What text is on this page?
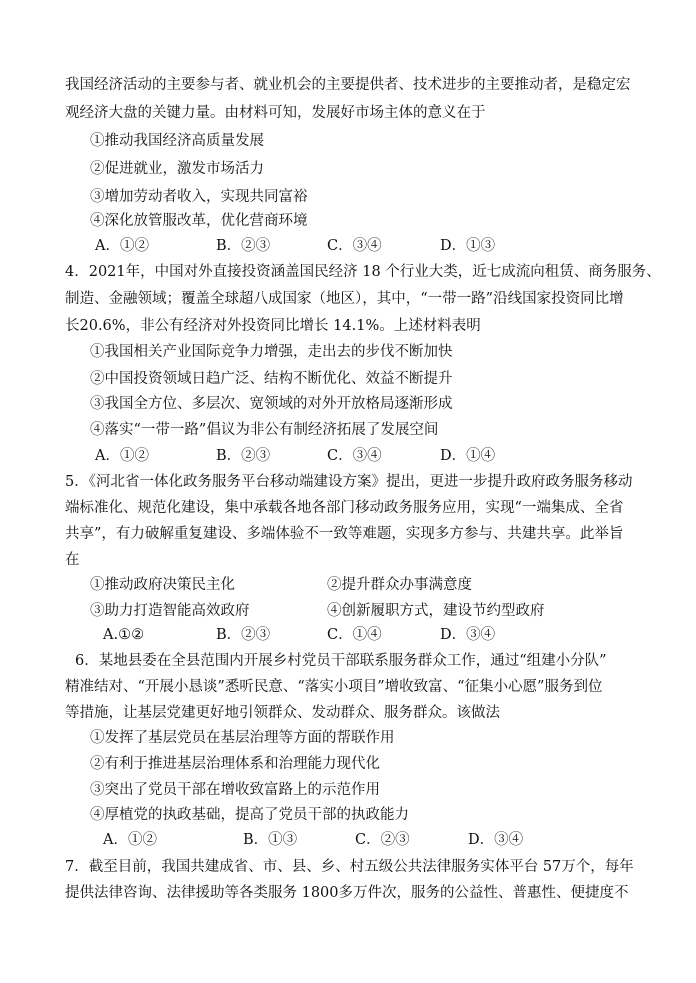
我国经济活动的主要参与者、就业机会的主要提供者、技术进步的主要推动者，是稳定宏
观经济大盘的关键力量。由材料可知，发展好市场主体的意义在于
①推动我国经济高质量发展
②促进就业，激发市场活力
③增加劳动者收入，实现共同富裕
④深化放管服改革，优化营商环境
A．①②	B．②③	C．③④	D．①③
4．2021年，中国对外直接投资涵盖国民经济 18 个行业大类，近七成流向租赁、商务服务、
制造、金融领域；覆盖全球超八成国家（地区），其中，“一带一路”沿线国家投资同比增
长20.6%，非公有经济对外投资同比增长 14.1%。上述材料表明
①我国相关产业国际竞争力增强，走出去的步伐不断加快
②中国投资领域日趋广泛、结构不断优化、效益不断提升
③我国全方位、多层次、宽领域的对外开放格局逐渐形成
④落实“一带一路”倡议为非公有制经济拓展了发展空间
A．①②	B．②③	C．③④	D．①④
5．《河北省一体化政务服务平台移动端建设方案》提出，更进一步提升政府政务服务移动
端标准化、规范化建设，集中承载各地各部门移动政务服务应用，实现“一端集成、全省
共享”，有力破解重复建设、多端体验不一致等难题，实现多方参与、共建共享。此举旨
在
①推动政府决策民主化	②提升群众办事满意度
③助力打造智能高效政府	④创新履职方式，建设节约型政府
A.①②	B．②③	C．①④	D．③④
6．某地县委在全县范围内开展乡村党员干部联系服务群众工作，通过“组建小分队”
精准结对、“开展小恳谈”悉听民意、“落实小项目”增收致富、“征集小心愿”服务到位
等措施，让基层党建更好地引领群众、发动群众、服务群众。该做法
①发挥了基层党员在基层治理等方面的帮联作用
②有利于推进基层治理体系和治理能力现代化
③突出了党员干部在增收致富路上的示范作用
④厚植党的执政基础，提高了党员干部的执政能力
A．①②	B．①③	C．②③	D．③④
7．截至目前，我国共建成省、市、县、乡、村五级公共法律服务实体平台 57万个，每年
提供法律咨询、法律援助等各类服务 1800多万件次，服务的公益性、普惠性、便捷度不
